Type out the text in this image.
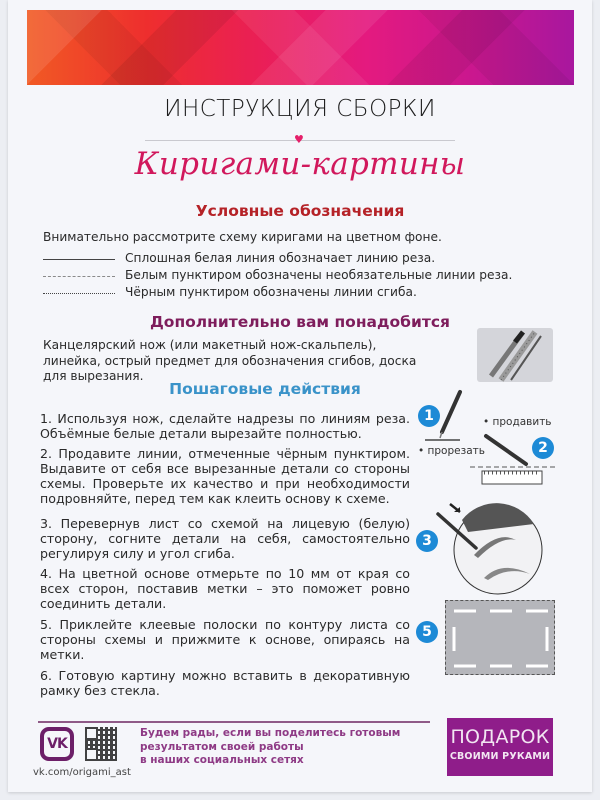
ИНСТРУКЦИЯ СБОРКИ
♥
Киригами-картины
Условные обозначения
Внимательно рассмотрите схему киригами на цветном фоне.
Сплошная белая линия обозначает линию реза.
Белым пунктиром обозначены необязательные линии реза.
Чёрным пунктиром обозначены линии сгиба.
Дополнительно вам понадобится
Канцелярский нож (или макетный нож-скальпель), линейка, острый предмет для обозначения сгибов, доска для вырезания.
Пошаговые действия
1. Используя нож, сделайте надрезы по линиям реза. Объёмные белые детали вырезайте полностью.
2. Продавите линии, отмеченные чёрным пунктиром. Выдавите от себя все вырезанные детали со стороны схемы. Проверьте их качество и при необходимости подровняйте, перед тем как клеить основу к схеме.
3. Перевернув лист со схемой на лицевую (белую) сторону, согните детали на себя, самостоятельно регулируя силу и угол сгиба.
4. На цветной основе отмерьте по 10 мм от края со всех сторон, поставив метки – это поможет ровно соединить детали.
5. Приклейте клеевые полоски по контуру листа со стороны схемы и прижмите к основе, опираясь на метки.
6. Готовую картину можно вставить в декоративную рамку без стекла.
1
• прорезать
• продавить
2
3
5
VK
vk.com/origami_ast
Будем рады, если вы поделитесь готовым
результатом своей работы
в наших социальных сетях
ПОДАРОК
СВОИМИ РУКАМИ
